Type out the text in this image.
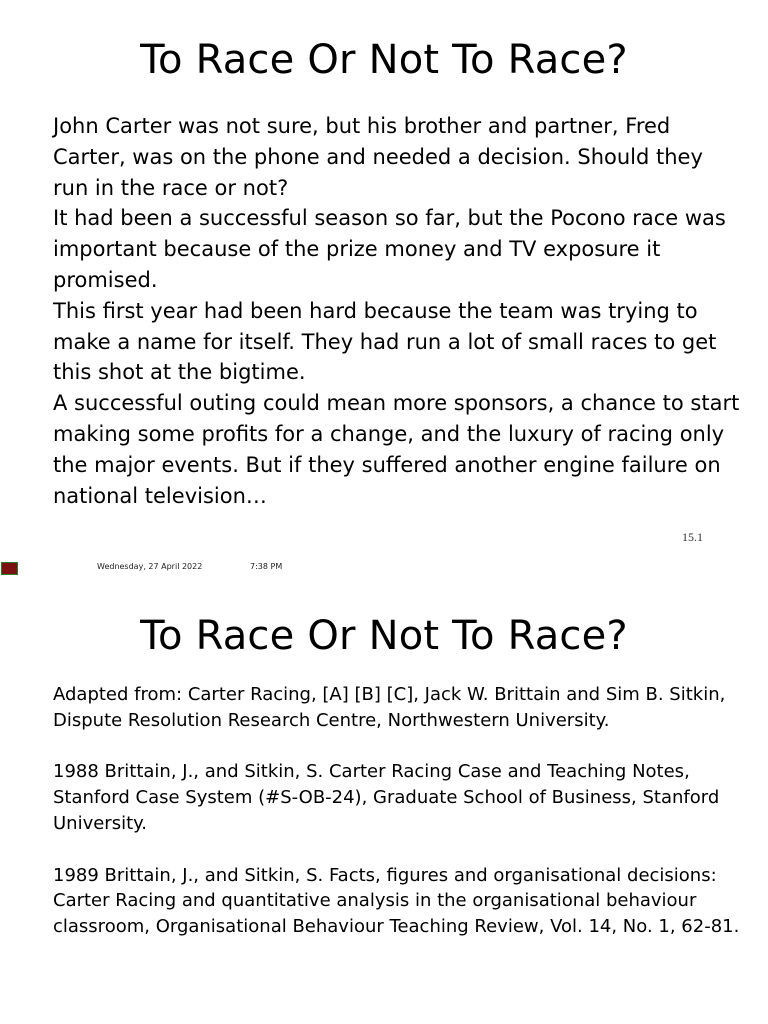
To Race Or Not To Race?

John Carter was not sure, but his brother and partner, Fred Carter, was on the phone and needed a decision. Should they run in the race or not?

It had been a successful season so far, but the Pocono race was important because of the prize money and TV exposure it promised.

This first year had been hard because the team was trying to make a name for itself. They had run a lot of small races to get this shot at the bigtime.

A successful outing could mean more sponsors, a chance to start making some profits for a change, and the luxury of racing only the major events. But if they suffered another engine failure on national television…

15.1
Wednesday, 27 April 2022	7:38 PM
To Race Or Not To Race?

Adapted from: Carter Racing, [A] [B] [C], Jack W. Brittain and Sim B. Sitkin, Dispute Resolution Research Centre, Northwestern University.

1988 Brittain, J., and Sitkin, S. Carter Racing Case and Teaching Notes, Stanford Case System (#S-OB-24), Graduate School of Business, Stanford University.

1989 Brittain, J., and Sitkin, S. Facts, figures and organisational decisions: Carter Racing and quantitative analysis in the organisational behaviour classroom, Organisational Behaviour Teaching Review, Vol. 14, No. 1, 62-81.
